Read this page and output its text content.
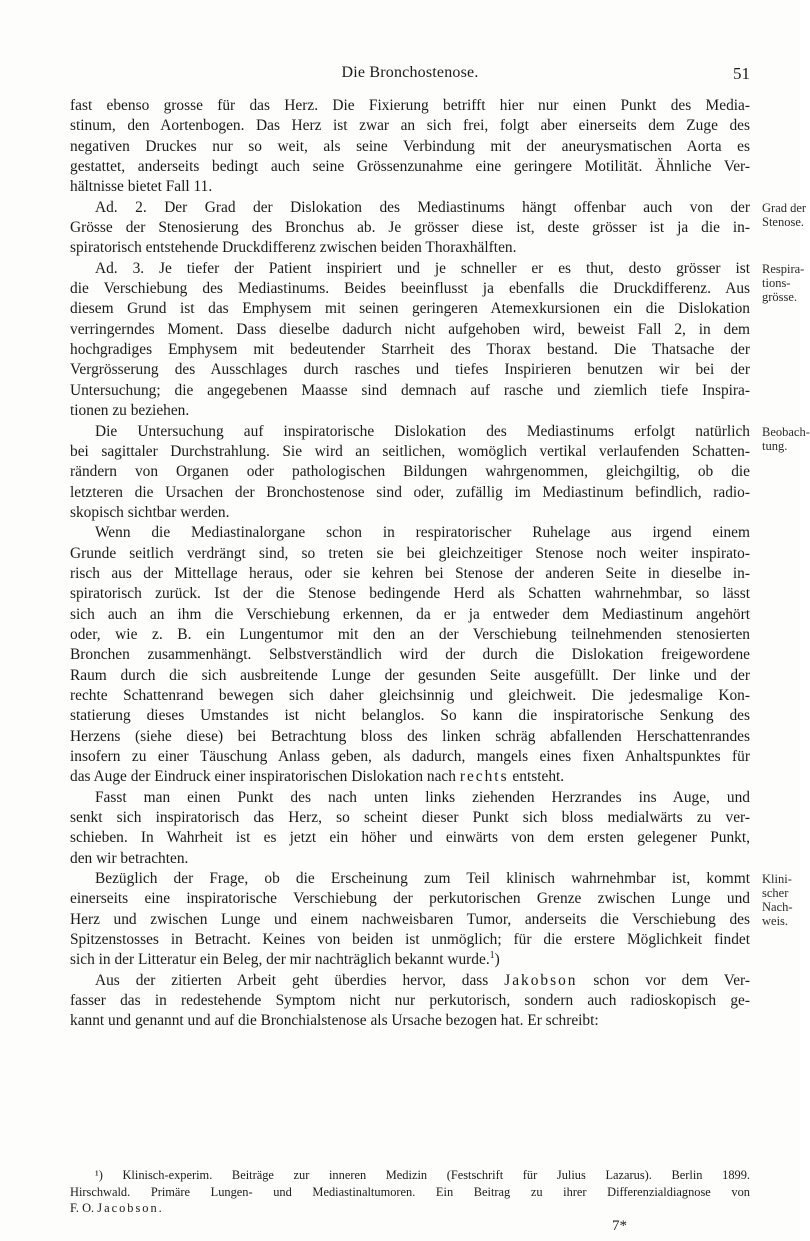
Die Bronchostenose.	51
fast ebenso grosse für das Herz. Die Fixierung betrifft hier nur einen Punkt des Media-
stinum, den Aortenbogen. Das Herz ist zwar an sich frei, folgt aber einerseits dem Zuge des
negativen Druckes nur so weit, als seine Verbindung mit der aneurysmatischen Aorta es
gestattet, anderseits bedingt auch seine Grössenzunahme eine geringere Motilität. Ähnliche Ver-
hältnisse bietet Fall 11.
Ad. 2. Der Grad der Dislokation des Mediastinums hängt offenbar auch von der
Grösse der Stenosierung des Bronchus ab. Je grösser diese ist, deste grösser ist ja die in-
spiratorisch entstehende Druckdifferenz zwischen beiden Thoraxhälften.
Ad. 3. Je tiefer der Patient inspiriert und je schneller er es thut, desto grösser ist
die Verschiebung des Mediastinums. Beides beeinflusst ja ebenfalls die Druckdifferenz. Aus
diesem Grund ist das Emphysem mit seinen geringeren Atemexkursionen ein die Dislokation
verringerndes Moment. Dass dieselbe dadurch nicht aufgehoben wird, beweist Fall 2, in dem
hochgradiges Emphysem mit bedeutender Starrheit des Thorax bestand. Die Thatsache der
Vergrösserung des Ausschlages durch rasches und tiefes Inspirieren benutzen wir bei der
Untersuchung; die angegebenen Maasse sind demnach auf rasche und ziemlich tiefe Inspira-
tionen zu beziehen.
Die Untersuchung auf inspiratorische Dislokation des Mediastinums erfolgt natürlich
bei sagittaler Durchstrahlung. Sie wird an seitlichen, womöglich vertikal verlaufenden Schatten-
rändern von Organen oder pathologischen Bildungen wahrgenommen, gleichgiltig, ob die
letzteren die Ursachen der Bronchostenose sind oder, zufällig im Mediastinum befindlich, radio-
skopisch sichtbar werden.
Wenn die Mediastinalorgane schon in respiratorischer Ruhelage aus irgend einem
Grunde seitlich verdrängt sind, so treten sie bei gleichzeitiger Stenose noch weiter inspirato-
risch aus der Mittellage heraus, oder sie kehren bei Stenose der anderen Seite in dieselbe in-
spiratorisch zurück. Ist der die Stenose bedingende Herd als Schatten wahrnehmbar, so lässt
sich auch an ihm die Verschiebung erkennen, da er ja entweder dem Mediastinum angehört
oder, wie z. B. ein Lungentumor mit den an der Verschiebung teilnehmenden stenosierten
Bronchen zusammenhängt. Selbstverständlich wird der durch die Dislokation freigewordene
Raum durch die sich ausbreitende Lunge der gesunden Seite ausgefüllt. Der linke und der
rechte Schattenrand bewegen sich daher gleichsinnig und gleichweit. Die jedesmalige Kon-
statierung dieses Umstandes ist nicht belanglos. So kann die inspiratorische Senkung des
Herzens (siehe diese) bei Betrachtung bloss des linken schräg abfallenden Herschattenrandes
insofern zu einer Täuschung Anlass geben, als dadurch, mangels eines fixen Anhaltspunktes für
das Auge der Eindruck einer inspiratorischen Dislokation nach rechts entsteht.
Fasst man einen Punkt des nach unten links ziehenden Herzrandes ins Auge, und
senkt sich inspiratorisch das Herz, so scheint dieser Punkt sich bloss medialwärts zu ver-
schieben. In Wahrheit ist es jetzt ein höher und einwärts von dem ersten gelegener Punkt,
den wir betrachten.
Bezüglich der Frage, ob die Erscheinung zum Teil klinisch wahrnehmbar ist, kommt
einerseits eine inspiratorische Verschiebung der perkutorischen Grenze zwischen Lunge und
Herz und zwischen Lunge und einem nachweisbaren Tumor, anderseits die Verschiebung des
Spitzenstosses in Betracht. Keines von beiden ist unmöglich; für die erstere Möglichkeit findet
sich in der Litteratur ein Beleg, der mir nachträglich bekannt wurde.$^1$)
Aus der zitierten Arbeit geht überdies hervor, dass Jakobson schon vor dem Ver-
fasser das in redestehende Symptom nicht nur perkutorisch, sondern auch radioskopisch ge-
kannt und genannt und auf die Bronchialstenose als Ursache bezogen hat. Er schreibt:
Grad der
Stenose.
Respira-
tions-
grösse.
Beobach-
tung.
Klini-
scher
Nach-
weis.
¹) Klinisch-experim. Beiträge zur inneren Medizin (Festschrift für Julius Lazarus). Berlin 1899.
Hirschwald. Primäre Lungen- und Mediastinaltumoren. Ein Beitrag zu ihrer Differenzialdiagnose von
F. O. Jacobson.
7*
